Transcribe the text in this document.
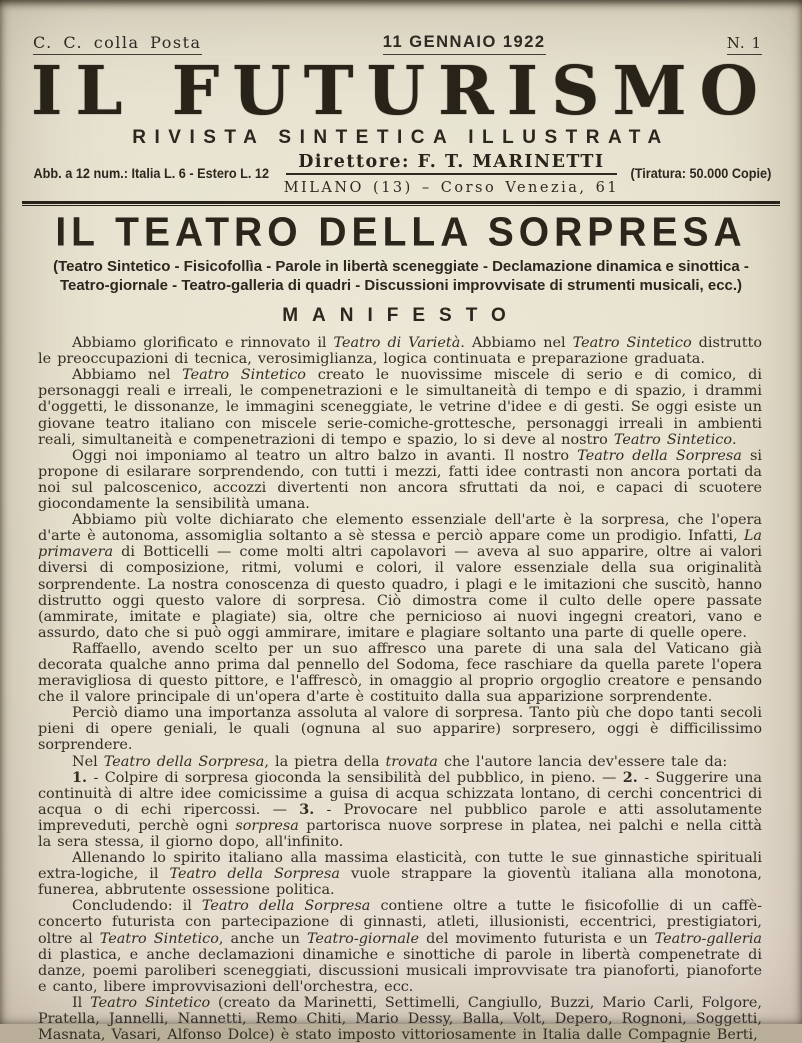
C. C. colla Posta	11 GENNAIO 1922	N. 1
IL FUTURISMO
RIVISTA SINTETICA ILLUSTRATA
Abb. a 12 num.: Italia L. 6 - Estero L. 12
Direttore: F. T. MARINETTI
MILANO (13) – Corso Venezia, 61
(Tiratura: 50.000 Copie)
IL TEATRO DELLA SORPRESA
(Teatro Sintetico - Fisicofollìa - Parole in libertà sceneggiate - Declamazione dinamica e sinottica -
Teatro-giornale - Teatro-galleria di quadri - Discussioni improvvisate di strumenti musicali, ecc.)
MANIFESTO

Abbiamo glorificato e rinnovato il Teatro di Varietà. Abbiamo nel Teatro Sintetico distrutto le preoccupazioni di tecnica, verosimiglianza, logica continuata e preparazione graduata.

Abbiamo nel Teatro Sintetico creato le nuovissime miscele di serio e di comico, di personaggi reali e irreali, le compenetrazioni e le simultaneità di tempo e di spazio, i drammi d'oggetti, le dissonanze, le immagini sceneggiate, le vetrine d'idee e di gesti. Se oggi esiste un giovane teatro italiano con miscele serie-comiche-grottesche, personaggi irreali in ambienti reali, simultaneità e compenetrazioni di tempo e spazio, lo si deve al nostro Teatro Sintetico.

Oggi noi imponiamo al teatro un altro balzo in avanti. Il nostro Teatro della Sorpresa si propone di esilarare sorprendendo, con tutti i mezzi, fatti idee contrasti non ancora portati da noi sul palcoscenico, accozzi divertenti non ancora sfruttati da noi, e capaci di scuotere giocondamente la sensibilità umana.

Abbiamo più volte dichiarato che elemento essenziale dell'arte è la sorpresa, che l'opera d'arte è autonoma, assomiglia soltanto a sè stessa e perciò appare come un prodigio. Infatti, La primavera di Botticelli — come molti altri capolavori — aveva al suo apparire, oltre ai valori diversi di composizione, ritmi, volumi e colori, il valore essenziale della sua originalità sorprendente. La nostra conoscenza di questo quadro, i plagi e le imitazioni che suscitò, hanno distrutto oggi questo valore di sorpresa. Ciò dimostra come il culto delle opere passate (ammirate, imitate e plagiate) sia, oltre che pernicioso ai nuovi ingegni creatori, vano e assurdo, dato che si può oggi ammirare, imitare e plagiare soltanto una parte di quelle opere.

Raffaello, avendo scelto per un suo affresco una parete di una sala del Vaticano già decorata qualche anno prima dal pennello del Sodoma, fece raschiare da quella parete l'opera meravigliosa di questo pittore, e l'affrescò, in omaggio al proprio orgoglio creatore e pensando che il valore principale di un'opera d'arte è costituito dalla sua apparizione sorprendente.

Perciò diamo una importanza assoluta al valore di sorpresa. Tanto più che dopo tanti secoli pieni di opere geniali, le quali (ognuna al suo apparire) sorpresero, oggi è difficilissimo sorprendere.

Nel Teatro della Sorpresa, la pietra della trovata che l'autore lancia dev'essere tale da:

1. - Colpire di sorpresa gioconda la sensibilità del pubblico, in pieno. — 2. - Suggerire una continuità di altre idee comicissime a guisa di acqua schizzata lontano, di cerchi concentrici di acqua o di echi ripercossi. — 3. - Provocare nel pubblico parole e atti assolutamente impreveduti, perchè ogni sorpresa partorisca nuove sorprese in platea, nei palchi e nella città la sera stessa, il giorno dopo, all'infinito.

Allenando lo spirito italiano alla massima elasticità, con tutte le sue ginnastiche spirituali extra-logiche, il Teatro della Sorpresa vuole strappare la gioventù italiana alla monotona, funerea, abbrutente ossessione politica.

Concludendo: il Teatro della Sorpresa contiene oltre a tutte le fisicofollie di un caffè-concerto futurista con partecipazione di ginnasti, atleti, illusionisti, eccentrici, prestigiatori, oltre al Teatro Sintetico, anche un Teatro-giornale del movimento futurista e un Teatro-galleria di plastica, e anche declamazioni dinamiche e sinottiche di parole in libertà compenetrate di danze, poemi paroliberi sceneggiati, discussioni musicali improvvisate tra pianoforti, pianoforte e canto, libere improvvisazioni dell'orchestra, ecc.

Il Teatro Sintetico (creato da Marinetti, Settimelli, Cangiullo, Buzzi, Mario Carli, Folgore, Pratella, Jannelli, Nannetti, Remo Chiti, Mario Dessy, Balla, Volt, Depero, Rognoni, Soggetti, Masnata, Vasari, Alfonso Dolce) è stato imposto vittoriosamente in Italia dalle Compagnie Berti,
